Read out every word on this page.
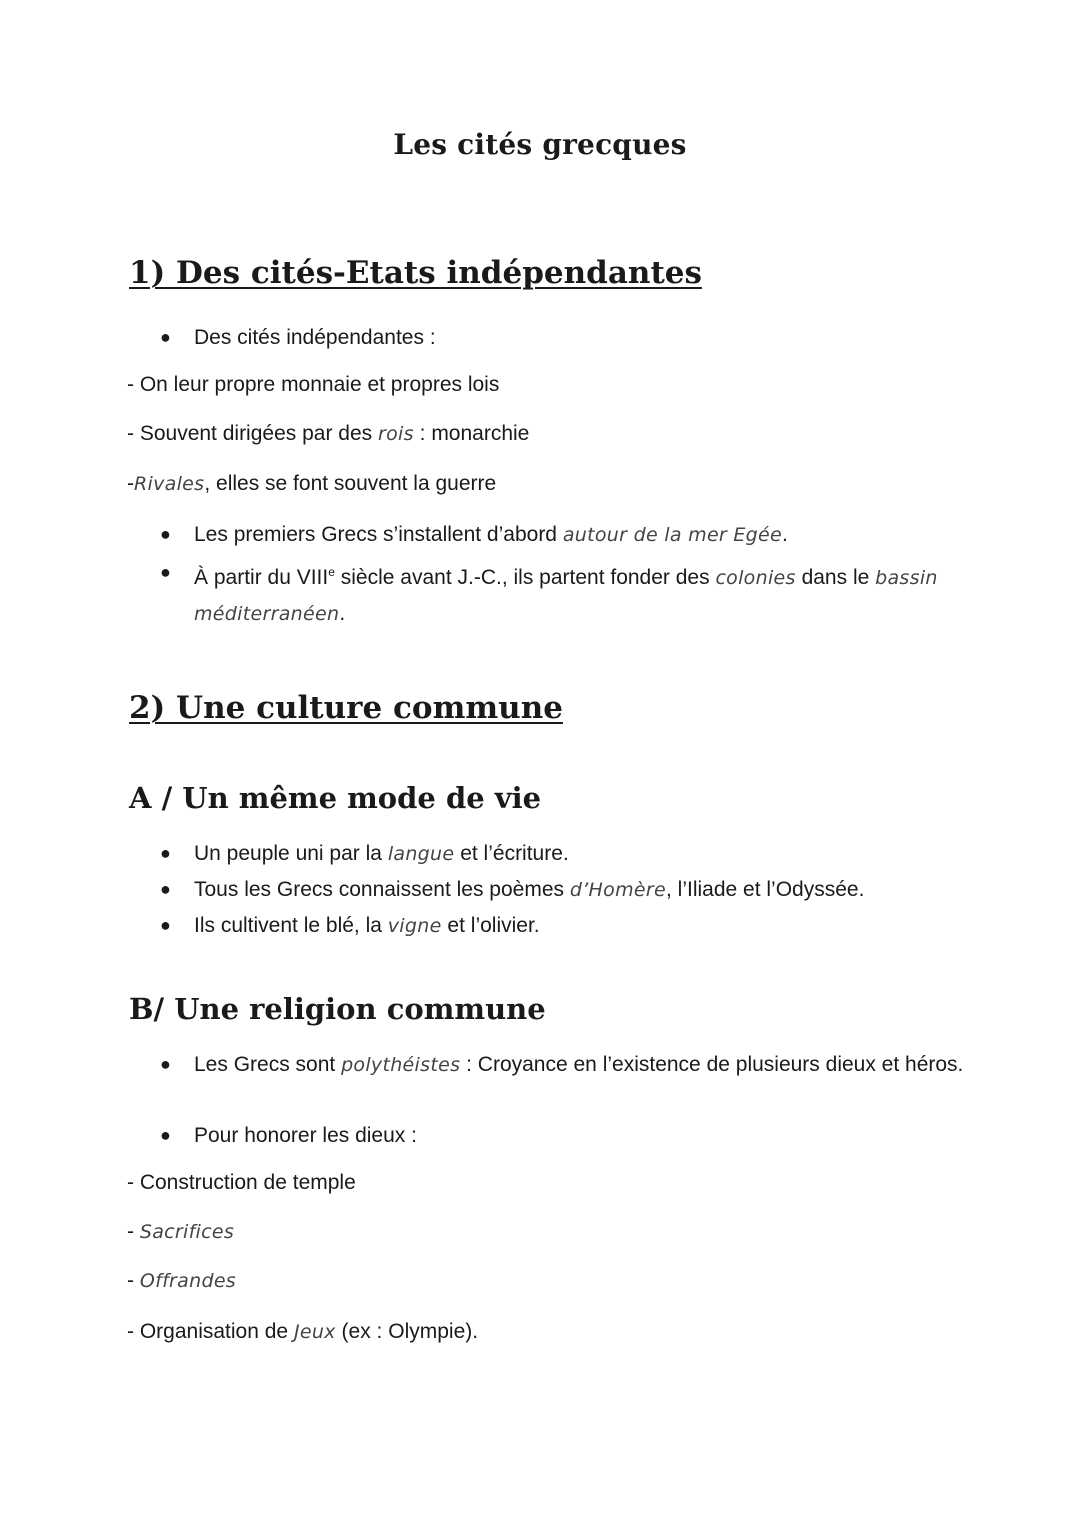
Les cités grecques
1) Des cités-Etats indépendantes

● Des cités indépendantes :

- On leur propre monnaie et propres lois

- Souvent dirigées par des rois : monarchie

-Rivales, elles se font souvent la guerre

● Les premiers Grecs s’installent d’abord autour de la mer Egée.

● À partir du VIIIe siècle avant J.-C., ils partent fonder des colonies dans le bassin méditerranéen.

2) Une culture commune
A / Un même mode de vie

● Un peuple uni par la langue et l’écriture.

● Tous les Grecs connaissent les poèmes d’Homère, l’Iliade et l’Odyssée.

● Ils cultivent le blé, la vigne et l’olivier.

B/ Une religion commune

● Les Grecs sont polythéistes : Croyance en l’existence de plusieurs dieux et héros.

● Pour honorer les dieux :

- Construction de temple

- Sacrifices

- Offrandes

- Organisation de Jeux (ex : Olympie).
